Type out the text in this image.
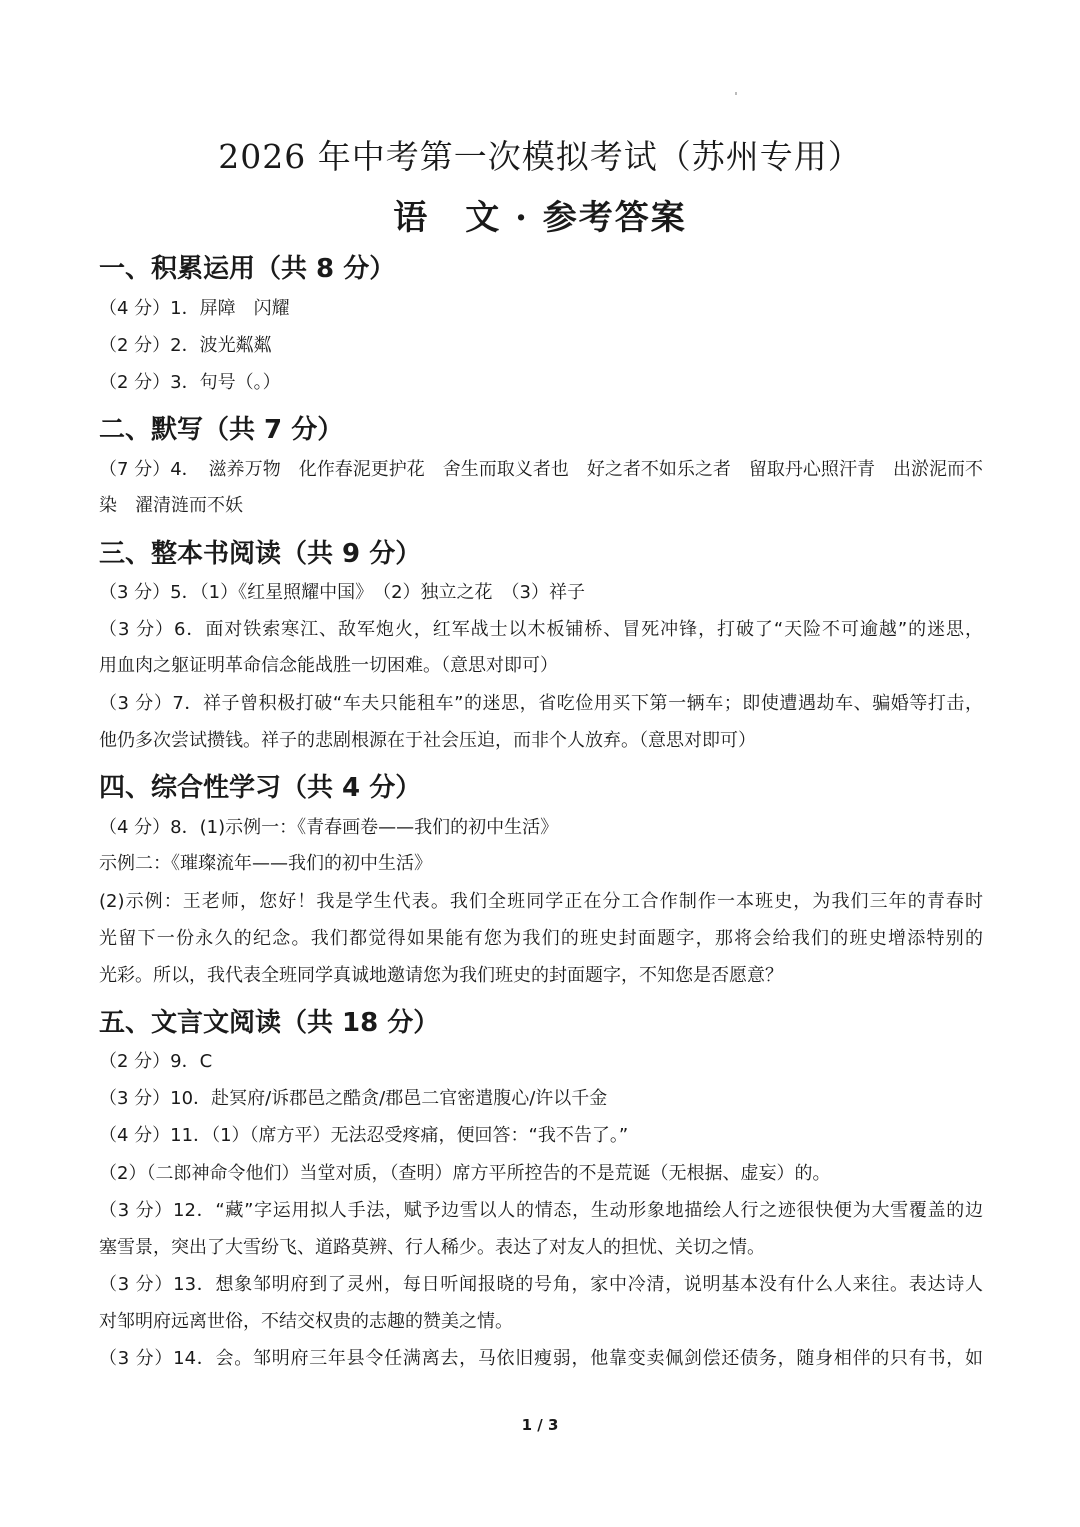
2026 年中考第一次模拟考试（苏州专用）
语　文 · 参考答案
一、积累运用（共 8 分）
（4 分）1．屏障　闪耀
（2 分）2．波光粼粼
（2 分）3．句号（。）
二、默写（共 7 分）
（7 分）4．　滋养万物　化作春泥更护花　舍生而取义者也　好之者不如乐之者　留取丹心照汗青　出淤泥而不
染　濯清涟而不妖
三、整本书阅读（共 9 分）
（3 分）5．（1）《红星照耀中国》　（2）独立之花　（3）祥子
（3 分）6．面对铁索寒江、敌军炮火，红军战士以木板铺桥、冒死冲锋，打破了“天险不可逾越”的迷思，
用血肉之躯证明革命信念能战胜一切困难。（意思对即可）
（3 分）7．祥子曾积极打破“车夫只能租车”的迷思，省吃俭用买下第一辆车；即使遭遇劫车、骗婚等打击，
他仍多次尝试攒钱。祥子的悲剧根源在于社会压迫，而非个人放弃。（意思对即可）
四、综合性学习（共 4 分）
（4 分）8．(1)示例一：《青春画卷——我们的初中生活》
示例二：《璀璨流年——我们的初中生活》
(2)示例：王老师，您好！我是学生代表。我们全班同学正在分工合作制作一本班史，为我们三年的青春时
光留下一份永久的纪念。我们都觉得如果能有您为我们的班史封面题字，那将会给我们的班史增添特别的
光彩。所以，我代表全班同学真诚地邀请您为我们班史的封面题字，不知您是否愿意？
五、文言文阅读（共 18 分）
（2 分）9．C
（3 分）10．赴冥府/诉郡邑之酷贪/郡邑二官密遣腹心/许以千金
（4 分）11．（1）（席方平）无法忍受疼痛，便回答：“我不告了。”
（2）（二郎神命令他们）当堂对质，（查明）席方平所控告的不是荒诞（无根据、虚妄）的。
（3 分）12．“藏”字运用拟人手法，赋予边雪以人的情态，生动形象地描绘人行之迹很快便为大雪覆盖的边
塞雪景，突出了大雪纷飞、道路莫辨、行人稀少。表达了对友人的担忧、关切之情。
（3 分）13．想象邹明府到了灵州，每日听闻报晓的号角，家中冷清，说明基本没有什么人来往。表达诗人
对邹明府远离世俗，不结交权贵的志趣的赞美之情。
（3 分）14．会。邹明府三年县令任满离去，马依旧瘦弱，他靠变卖佩剑偿还债务，随身相伴的只有书，如
1 / 3
